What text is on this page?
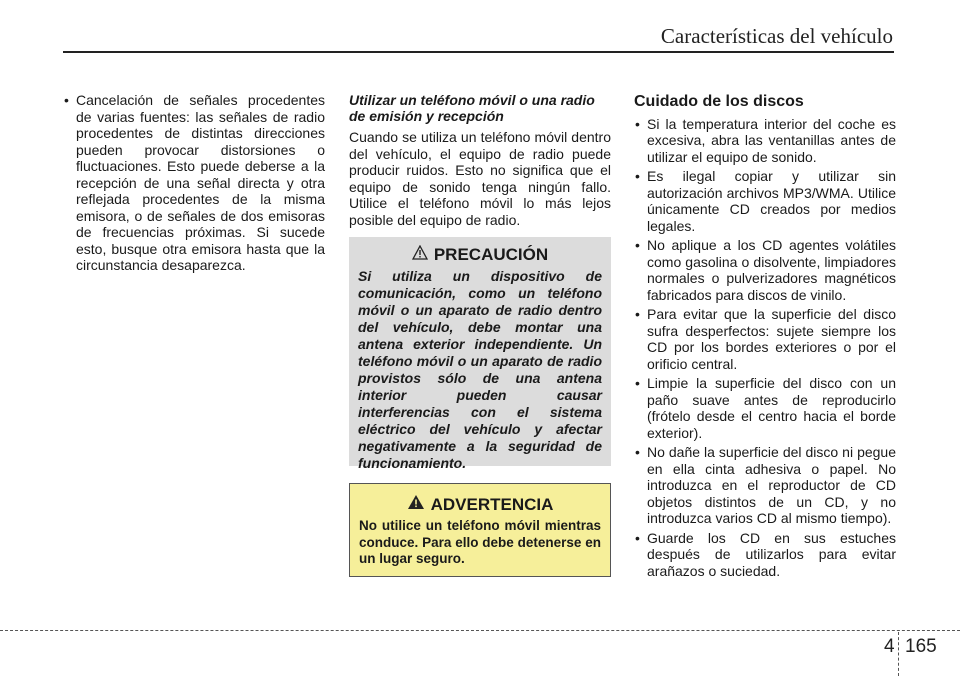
Características del vehículo
• Cancelación de señales procedentes de varias fuentes: las señales de radio procedentes de distintas direcciones pueden provocar distorsiones o fluctuaciones. Esto puede deberse a la recepción de una señal directa y otra reflejada procedentes de la misma emisora, o de señales de dos emisoras de frecuencias próximas. Si sucede esto, busque otra emisora hasta que la circunstancia desaparezca.
Utilizar un teléfono móvil o una radio de emisión y recepción

Cuando se utiliza un teléfono móvil dentro del vehículo, el equipo de radio puede producir ruidos. Esto no significa que el equipo de sonido tenga ningún fallo. Utilice el teléfono móvil lo más lejos posible del equipo de radio.

PRECAUCIÓN

Si utiliza un dispositivo de comunicación, como un teléfono móvil o un aparato de radio dentro del vehículo, debe montar una antena exterior independiente. Un teléfono móvil o un aparato de radio provistos sólo de una antena interior pueden causar interferencias con el sistema eléctrico del vehículo y afectar negativamente a la seguridad de funcionamiento.

ADVERTENCIA

No utilice un teléfono móvil mientras conduce. Para ello debe detenerse en un lugar seguro.

Cuidado de los discos
• Si la temperatura interior del coche es excesiva, abra las ventanillas antes de utilizar el equipo de sonido.
• Es ilegal copiar y utilizar sin autorización archivos MP3/WMA. Utilice únicamente CD creados por medios legales.
• No aplique a los CD agentes volátiles como gasolina o disolvente, limpiadores normales o pulverizadores magnéticos fabricados para discos de vinilo.
• Para evitar que la superficie del disco sufra desperfectos: sujete siempre los CD por los bordes exteriores o por el orificio central.
• Limpie la superficie del disco con un paño suave antes de reproducirlo (frótelo desde el centro hacia el borde exterior).
• No dañe la superficie del disco ni pegue en ella cinta adhesiva o papel. No introduzca en el reproductor de CD objetos distintos de un CD, y no introduzca varios CD al mismo tiempo).
• Guarde los CD en sus estuches después de utilizarlos para evitar arañazos o suciedad.
4 165
